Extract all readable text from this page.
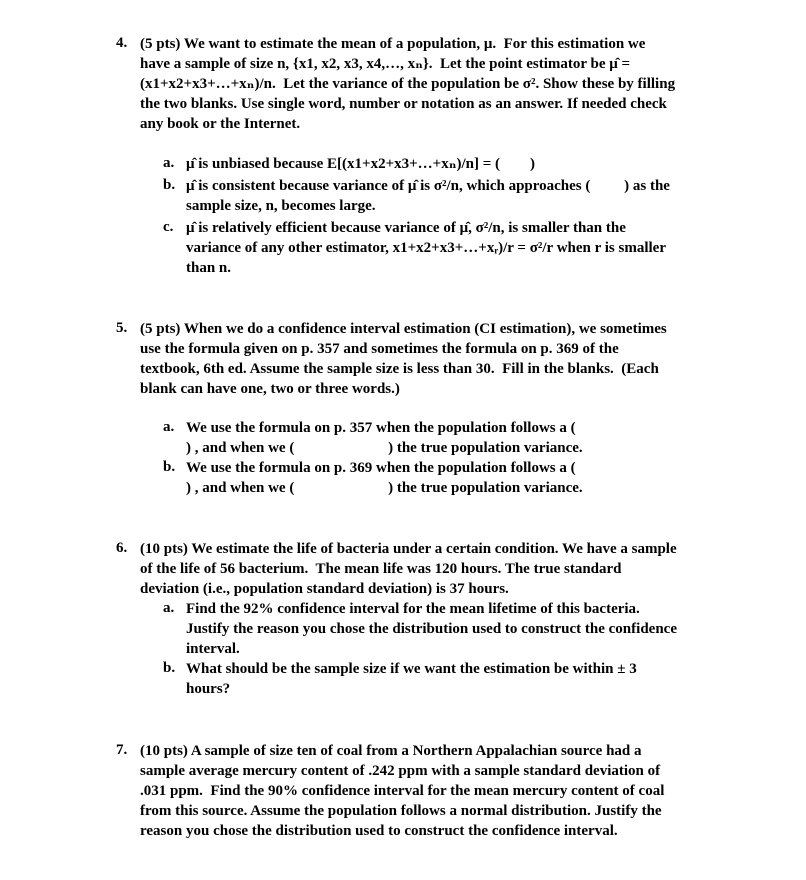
4. (5 pts) We want to estimate the mean of a population, μ.  For this estimation we
have a sample of size n, {x1, x2, x3, x4,…, xₙ}.  Let the point estimator be μ̂ =
(x1+x2+x3+…+xₙ)/n.  Let the variance of the population be σ². Show these by filling
the two blanks. Use single word, number or notation as an answer. If needed check
any book or the Internet.
a. μ̂ is unbiased because E[(x1+x2+x3+…+xₙ)/n] = (        )
b. μ̂ is consistent because variance of μ̂ is σ²/n, which approaches (         ) as the
sample size, n, becomes large.
c. μ̂ is relatively efficient because variance of μ̂, σ²/n, is smaller than the
variance of any other estimator, x1+x2+x3+…+xᵣ)/r = σ²/r when r is smaller
than n.
5. (5 pts) When we do a confidence interval estimation (CI estimation), we sometimes
use the formula given on p. 357 and sometimes the formula on p. 369 of the
textbook, 6th ed. Assume the sample size is less than 30.  Fill in the blanks.  (Each
blank can have one, two or three words.)
a. We use the formula on p. 357 when the population follows a (
) , and when we (                         ) the true population variance.
b. We use the formula on p. 369 when the population follows a (
) , and when we (                         ) the true population variance.
6. (10 pts) We estimate the life of bacteria under a certain condition. We have a sample
of the life of 56 bacterium.  The mean life was 120 hours. The true standard
deviation (i.e., population standard deviation) is 37 hours.
a. Find the 92% confidence interval for the mean lifetime of this bacteria.
Justify the reason you chose the distribution used to construct the confidence
interval.
b. What should be the sample size if we want the estimation be within ± 3
hours?
7. (10 pts) A sample of size ten of coal from a Northern Appalachian source had a
sample average mercury content of .242 ppm with a sample standard deviation of
.031 ppm.  Find the 90% confidence interval for the mean mercury content of coal
from this source. Assume the population follows a normal distribution. Justify the
reason you chose the distribution used to construct the confidence interval.
